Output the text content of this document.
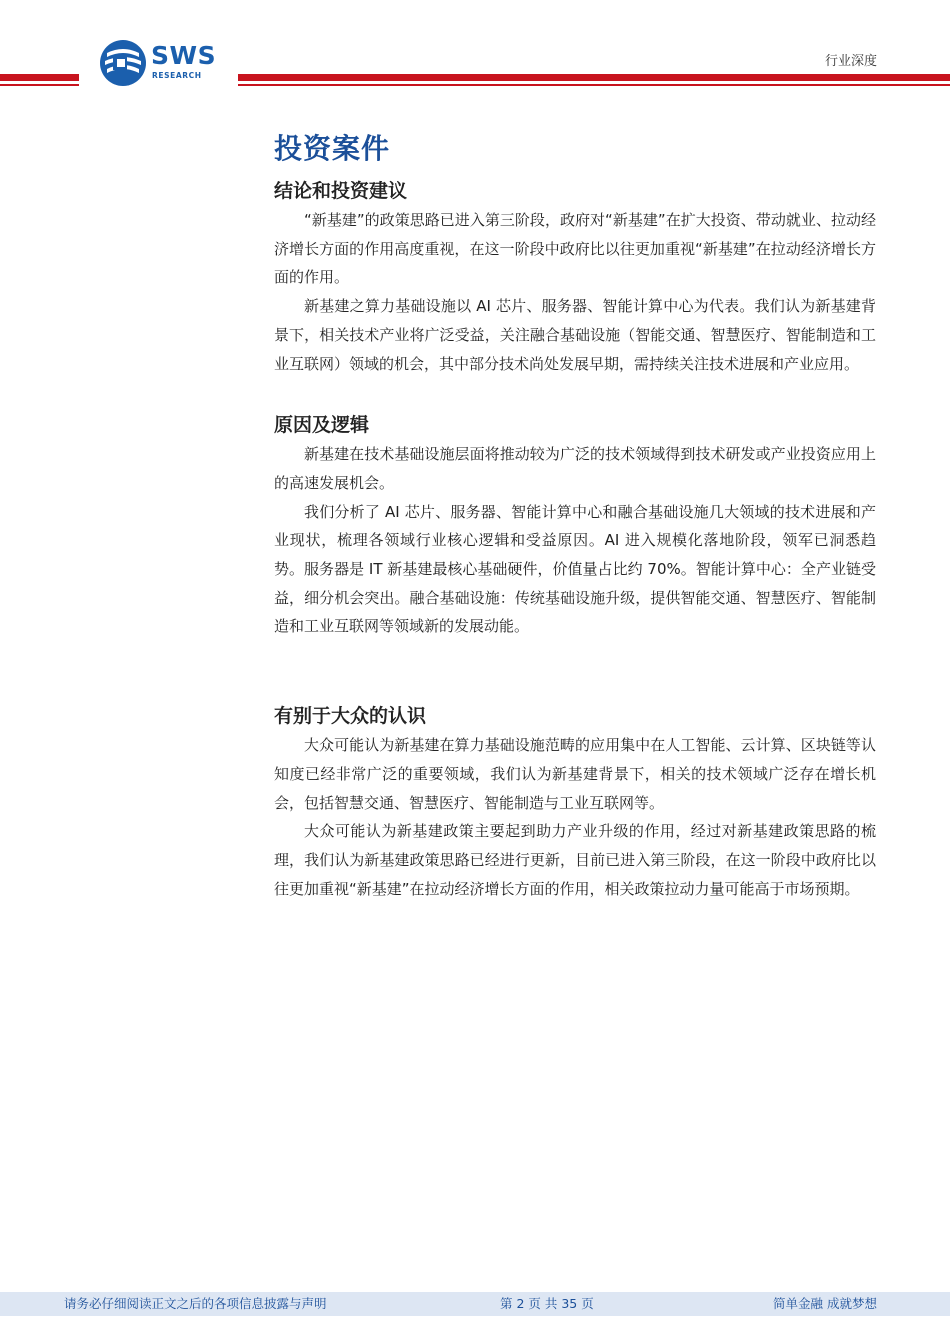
SWS
RESEARCH
行业深度
投资案件
结论和投资建议

“新基建”的政策思路已进入第三阶段，政府对“新基建”在扩大投资、带动就业、拉动经济增长方面的作用高度重视，在这一阶段中政府比以往更加重视“新基建”在拉动经济增长方面的作用。

新基建之算力基础设施以 AI 芯片、服务器、智能计算中心为代表。我们认为新基建背景下，相关技术产业将广泛受益，关注融合基础设施（智能交通、智慧医疗、智能制造和工业互联网）领域的机会，其中部分技术尚处发展早期，需持续关注技术进展和产业应用。

原因及逻辑

新基建在技术基础设施层面将推动较为广泛的技术领域得到技术研发或产业投资应用上的高速发展机会。

我们分析了 AI 芯片、服务器、智能计算中心和融合基础设施几大领域的技术进展和产业现状，梳理各领域行业核心逻辑和受益原因。AI 进入规模化落地阶段，领军已洞悉趋势。服务器是 IT 新基建最核心基础硬件，价值量占比约 70%。智能计算中心：全产业链受益，细分机会突出。融合基础设施：传统基础设施升级，提供智能交通、智慧医疗、智能制造和工业互联网等领域新的发展动能。

有别于大众的认识

大众可能认为新基建在算力基础设施范畴的应用集中在人工智能、云计算、区块链等认知度已经非常广泛的重要领域，我们认为新基建背景下，相关的技术领域广泛存在增长机会，包括智慧交通、智慧医疗、智能制造与工业互联网等。

大众可能认为新基建政策主要起到助力产业升级的作用，经过对新基建政策思路的梳理，我们认为新基建政策思路已经进行更新，目前已进入第三阶段，在这一阶段中政府比以往更加重视“新基建”在拉动经济增长方面的作用，相关政策拉动力量可能高于市场预期。

请务必仔细阅读正文之后的各项信息披露与声明	第 2 页 共 35 页	简单金融 成就梦想
